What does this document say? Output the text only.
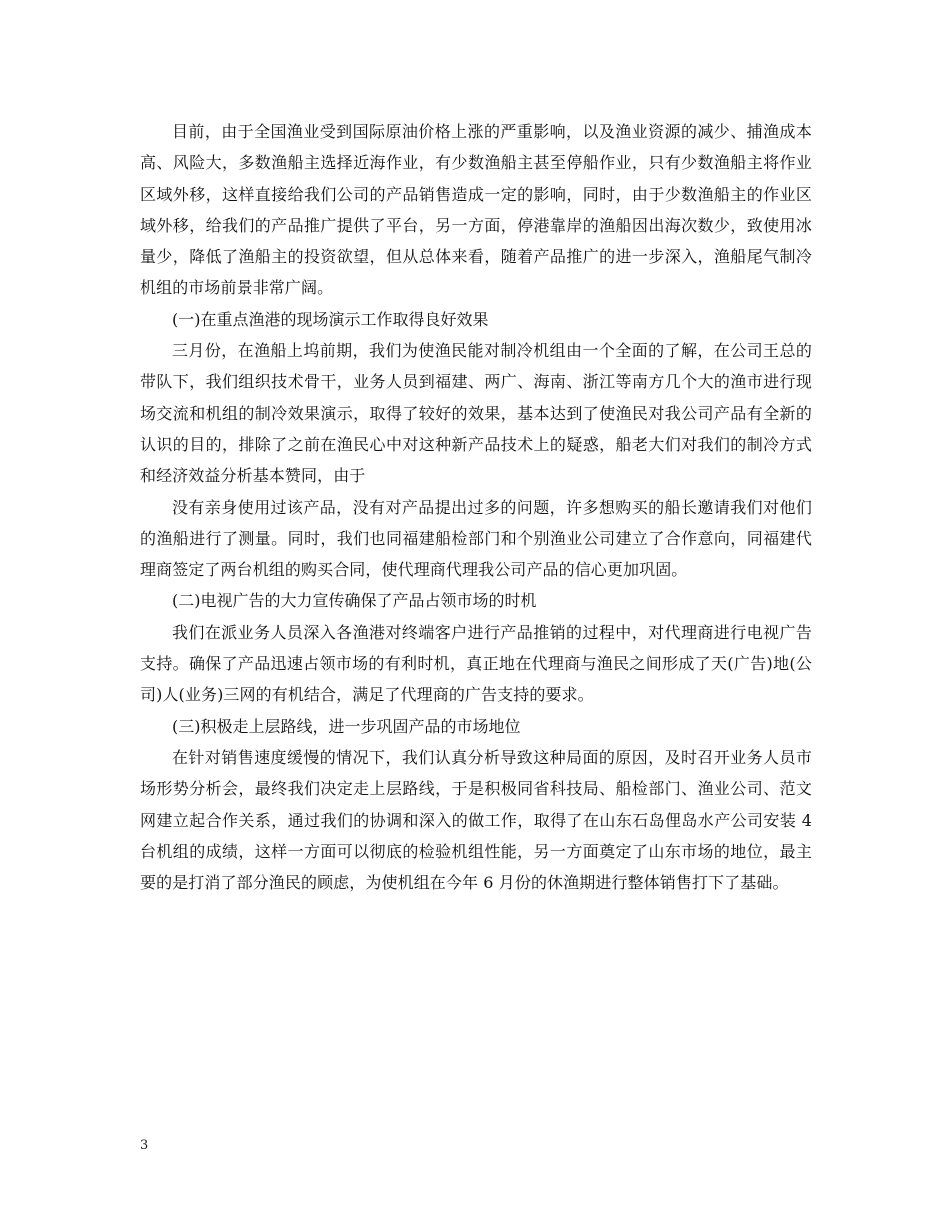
目前，由于全国渔业受到国际原油价格上涨的严重影响，以及渔业资源的减少、捕渔成本高、风险大，多数渔船主选择近海作业，有少数渔船主甚至停船作业，只有少数渔船主将作业区域外移，这样直接给我们公司的产品销售造成一定的影响，同时，由于少数渔船主的作业区域外移，给我们的产品推广提供了平台，另一方面，停港靠岸的渔船因出海次数少，致使用冰量少，降低了渔船主的投资欲望，但从总体来看，随着产品推广的进一步深入，渔船尾气制冷机组的市场前景非常广阔。

(一)在重点渔港的现场演示工作取得良好效果

三月份，在渔船上坞前期，我们为使渔民能对制冷机组由一个全面的了解，在公司王总的带队下，我们组织技术骨干，业务人员到福建、两广、海南、浙江等南方几个大的渔市进行现场交流和机组的制冷效果演示，取得了较好的效果，基本达到了使渔民对我公司产品有全新的认识的目的，排除了之前在渔民心中对这种新产品技术上的疑惑，船老大们对我们的制冷方式和经济效益分析基本赞同，由于

没有亲身使用过该产品，没有对产品提出过多的问题，许多想购买的船长邀请我们对他们的渔船进行了测量。同时，我们也同福建船检部门和个别渔业公司建立了合作意向，同福建代理商签定了两台机组的购买合同，使代理商代理我公司产品的信心更加巩固。

(二)电视广告的大力宣传确保了产品占领市场的时机

我们在派业务人员深入各渔港对终端客户进行产品推销的过程中，对代理商进行电视广告支持。确保了产品迅速占领市场的有利时机，真正地在代理商与渔民之间形成了天(广告)地(公司)人(业务)三网的有机结合，满足了代理商的广告支持的要求。

(三)积极走上层路线，进一步巩固产品的市场地位

在针对销售速度缓慢的情况下，我们认真分析导致这种局面的原因，及时召开业务人员市场形势分析会，最终我们决定走上层路线，于是积极同省科技局、船检部门、渔业公司、范文网建立起合作关系，通过我们的协调和深入的做工作，取得了在山东石岛俚岛水产公司安装 4 台机组的成绩，这样一方面可以彻底的检验机组性能，另一方面奠定了山东市场的地位，最主要的是打消了部分渔民的顾虑，为使机组在今年 6 月份的休渔期进行整体销售打下了基础。

3
